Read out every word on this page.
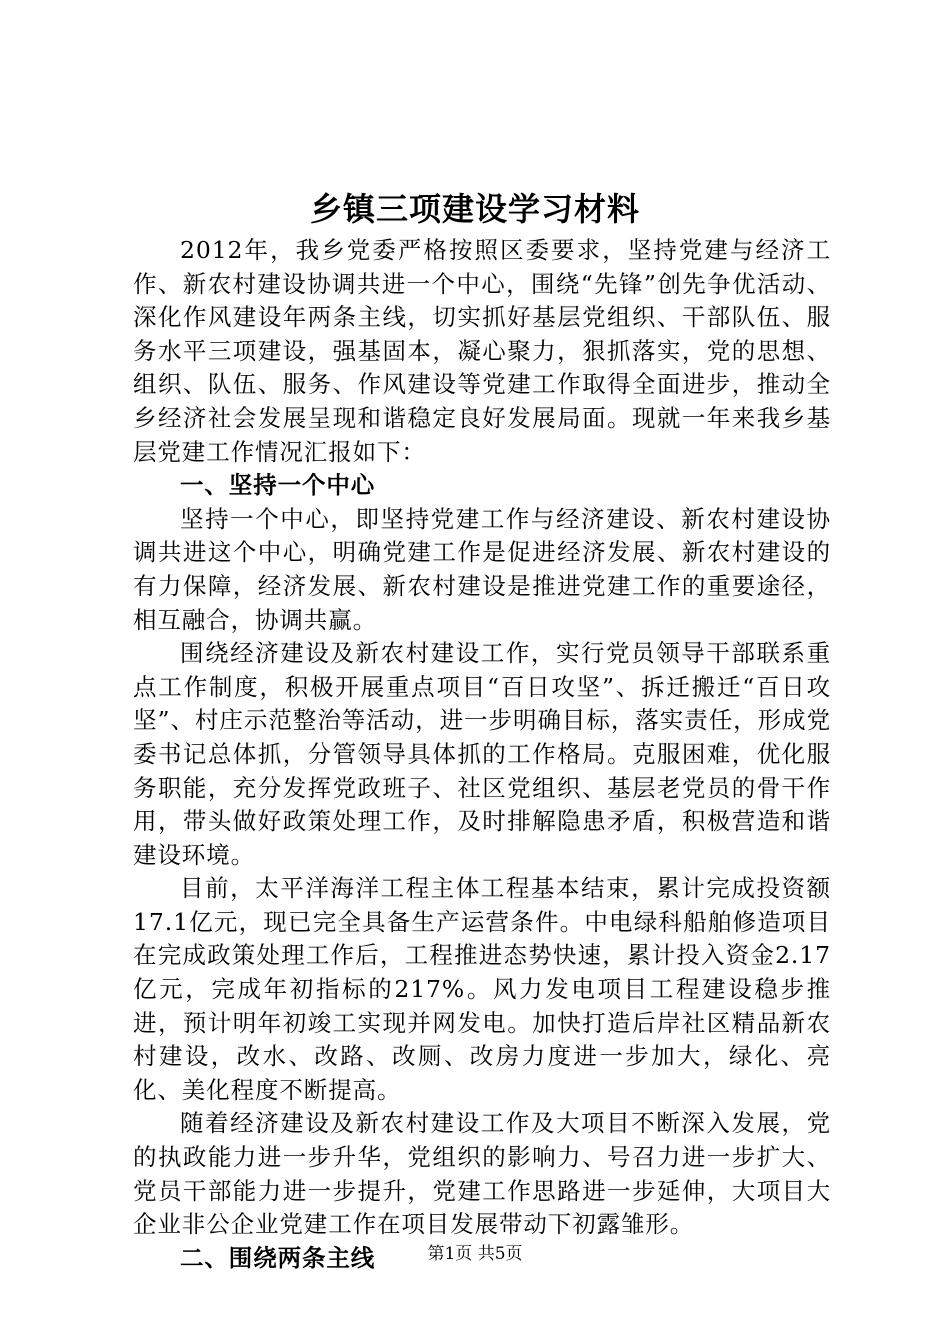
乡镇三项建设学习材料

2012年，我乡党委严格按照区委要求，坚持党建与经济工作、新农村建设协调共进一个中心，围绕“先锋”创先争优活动、深化作风建设年两条主线，切实抓好基层党组织、干部队伍、服务水平三项建设，强基固本，凝心聚力，狠抓落实，党的思想、组织、队伍、服务、作风建设等党建工作取得全面进步，推动全乡经济社会发展呈现和谐稳定良好发展局面。现就一年来我乡基层党建工作情况汇报如下：

一、坚持一个中心

坚持一个中心，即坚持党建工作与经济建设、新农村建设协调共进这个中心，明确党建工作是促进经济发展、新农村建设的有力保障，经济发展、新农村建设是推进党建工作的重要途径，相互融合，协调共赢。

围绕经济建设及新农村建设工作，实行党员领导干部联系重点工作制度，积极开展重点项目“百日攻坚”、拆迁搬迁“百日攻坚”、村庄示范整治等活动，进一步明确目标，落实责任，形成党委书记总体抓，分管领导具体抓的工作格局。克服困难，优化服务职能，充分发挥党政班子、社区党组织、基层老党员的骨干作用，带头做好政策处理工作，及时排解隐患矛盾，积极营造和谐建设环境。

目前，太平洋海洋工程主体工程基本结束，累计完成投资额17.1亿元，现已完全具备生产运营条件。中电绿科船舶修造项目在完成政策处理工作后，工程推进态势快速，累计投入资金2.17亿元，完成年初指标的217%。风力发电项目工程建设稳步推进，预计明年初竣工实现并网发电。加快打造后岸社区精品新农村建设，改水、改路、改厕、改房力度进一步加大，绿化、亮化、美化程度不断提高。

随着经济建设及新农村建设工作及大项目不断深入发展，党的执政能力进一步升华，党组织的影响力、号召力进一步扩大、党员干部能力进一步提升，党建工作思路进一步延伸，大项目大企业非公企业党建工作在项目发展带动下初露雏形。

二、围绕两条主线	第1页 共5页
